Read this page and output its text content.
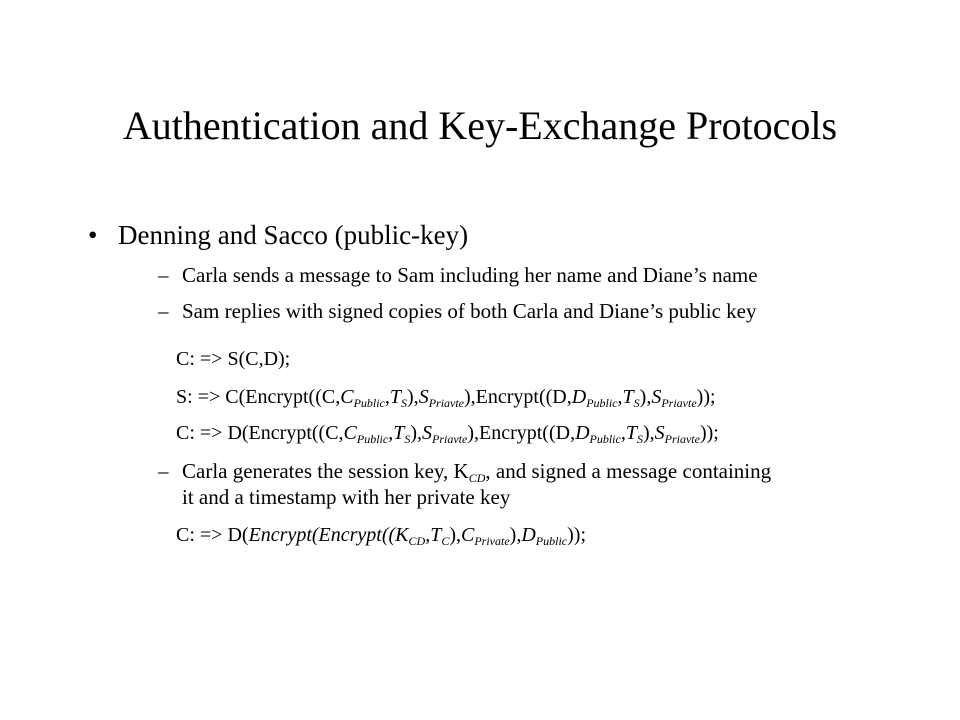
Authentication and Key-Exchange Protocols
• Denning and Sacco (public-key)
– Carla sends a message to Sam including her name and Diane’s name
– Sam replies with signed copies of both Carla and Diane’s public key
C: => S(C,D);
S: => $C(Encrypt((C,C_{Public},T_S),S_{Priavte}),Encrypt((D,D_{Public},T_S),S_{Priavte}))$;
C: => $D(Encrypt((C,C_{Public},T_S),S_{Priavte}),Encrypt((D,D_{Public},T_S),S_{Priavte}))$;
– Carla generates the session key, $K_{CD}$, and signed a message containing
it and a timestamp with her private key
C: => $D(Encrypt(Encrypt((K_{CD},T_C),C_{Private}),D_{Public}))$;
